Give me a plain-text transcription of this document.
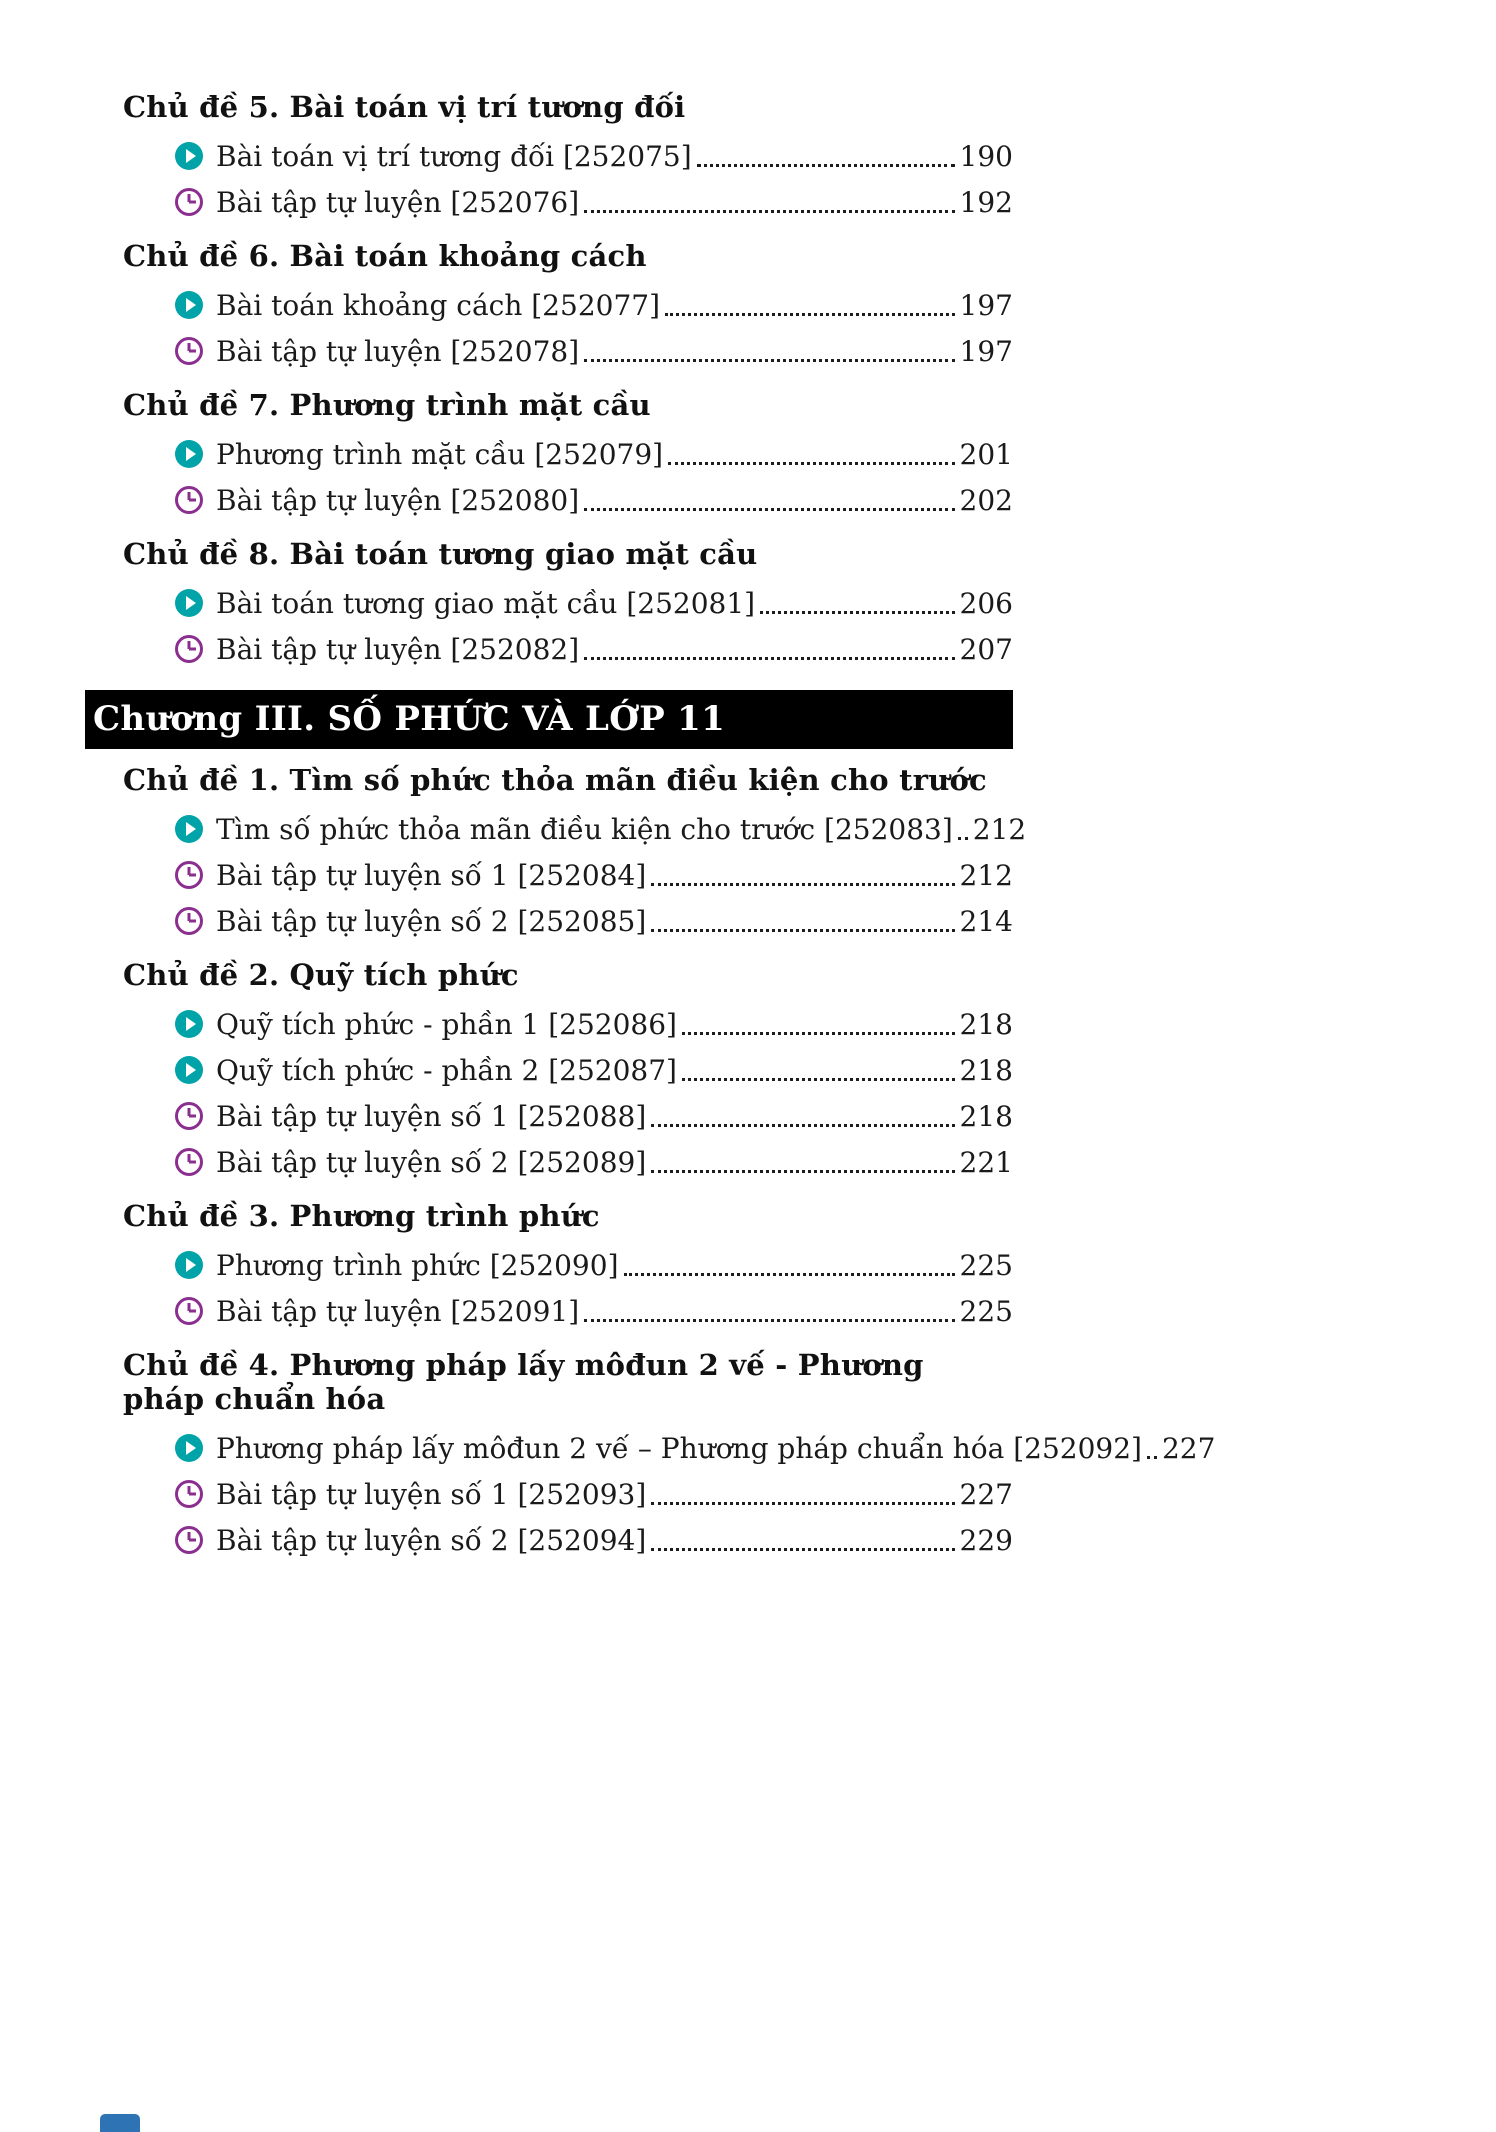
Chủ đề 5. Bài toán vị trí tương đối
Bài toán vị trí tương đối [252075]	190
Bài tập tự luyện [252076]	192
Chủ đề 6. Bài toán khoảng cách
Bài toán khoảng cách [252077]	197
Bài tập tự luyện [252078]	197
Chủ đề 7. Phương trình mặt cầu
Phương trình mặt cầu [252079]	201
Bài tập tự luyện [252080]	202
Chủ đề 8. Bài toán tương giao mặt cầu
Bài toán tương giao mặt cầu [252081]	206
Bài tập tự luyện [252082]	207
Chương III. SỐ PHỨC VÀ LỚP 11
Chủ đề 1. Tìm số phức thỏa mãn điều kiện cho trước
Tìm số phức thỏa mãn điều kiện cho trước [252083] 212
Bài tập tự luyện số 1 [252084]	212
Bài tập tự luyện số 2 [252085]	214
Chủ đề 2. Quỹ tích phức
Quỹ tích phức - phần 1 [252086]	218
Quỹ tích phức - phần 2 [252087]	218
Bài tập tự luyện số 1 [252088]	218
Bài tập tự luyện số 2 [252089]	221
Chủ đề 3. Phương trình phức
Phương trình phức [252090]	225
Bài tập tự luyện [252091]	225
Chủ đề 4. Phương pháp lấy môđun 2 vế - Phương pháp chuẩn hóa
Phương pháp lấy môđun 2 vế – Phương pháp chuẩn hóa [252092] 227
Bài tập tự luyện số 1 [252093]	227
Bài tập tự luyện số 2 [252094]	229
